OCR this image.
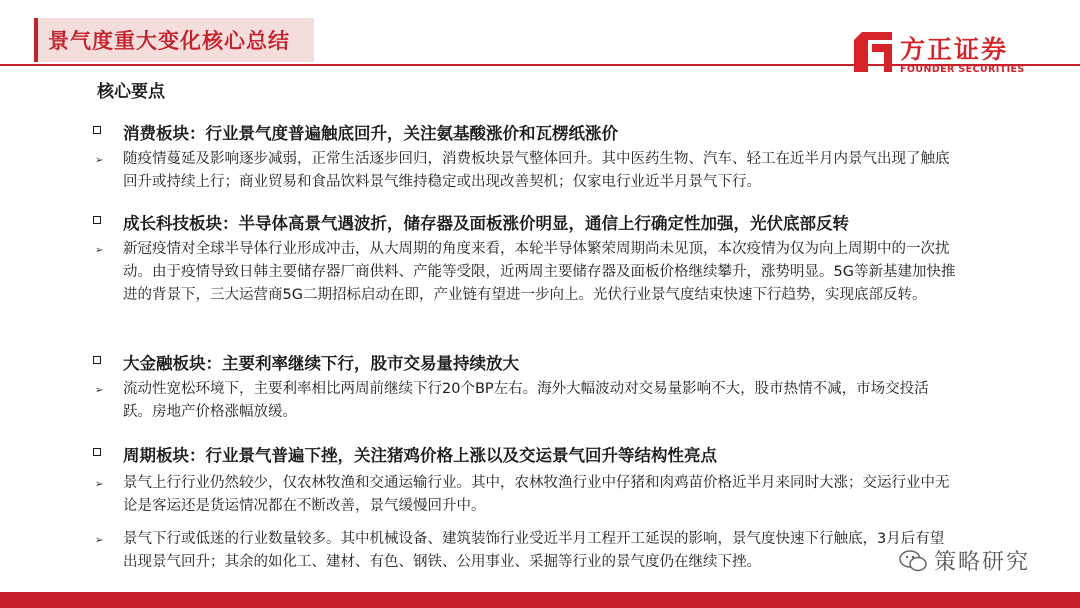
景气度重大变化核心总结	方正证券
FOUNDER SECURITIES
核心要点
消费板块：行业景气度普遍触底回升，关注氨基酸涨价和瓦楞纸涨价
➢ 随疫情蔓延及影响逐步减弱，正常生活逐步回归，消费板块景气整体回升。其中医药生物、汽车、轻工在近半月内景气出现了触底回升或持续上行；商业贸易和食品饮料景气维持稳定或出现改善契机；仅家电行业近半月景气下行。
成长科技板块：半导体高景气遇波折，储存器及面板涨价明显，通信上行确定性加强，光伏底部反转
➢ 新冠疫情对全球半导体行业形成冲击，从大周期的角度来看，本轮半导体繁荣周期尚未见顶，本次疫情为仅为向上周期中的一次扰动。由于疫情导致日韩主要储存器厂商供料、产能等受限，近两周主要储存器及面板价格继续攀升，涨势明显。5G等新基建加快推进的背景下，三大运营商5G二期招标启动在即，产业链有望进一步向上。光伏行业景气度结束快速下行趋势，实现底部反转。
大金融板块：主要利率继续下行，股市交易量持续放大
➢ 流动性宽松环境下，主要利率相比两周前继续下行20个BP左右。海外大幅波动对交易量影响不大，股市热情不减，市场交投活跃。房地产价格涨幅放缓。
周期板块：行业景气普遍下挫，关注猪鸡价格上涨以及交运景气回升等结构性亮点
➢ 景气上行行业仍然较少，仅农林牧渔和交通运输行业。其中，农林牧渔行业中仔猪和肉鸡苗价格近半月来同时大涨；交运行业中无论是客运还是货运情况都在不断改善，景气缓慢回升中。
➢ 景气下行或低迷的行业数量较多。其中机械设备、建筑装饰行业受近半月工程开工延误的影响，景气度快速下行触底，3月后有望出现景气回升；其余的如化工、建材、有色、钢铁、公用事业、采掘等行业的景气度仍在继续下挫。	策略研究
